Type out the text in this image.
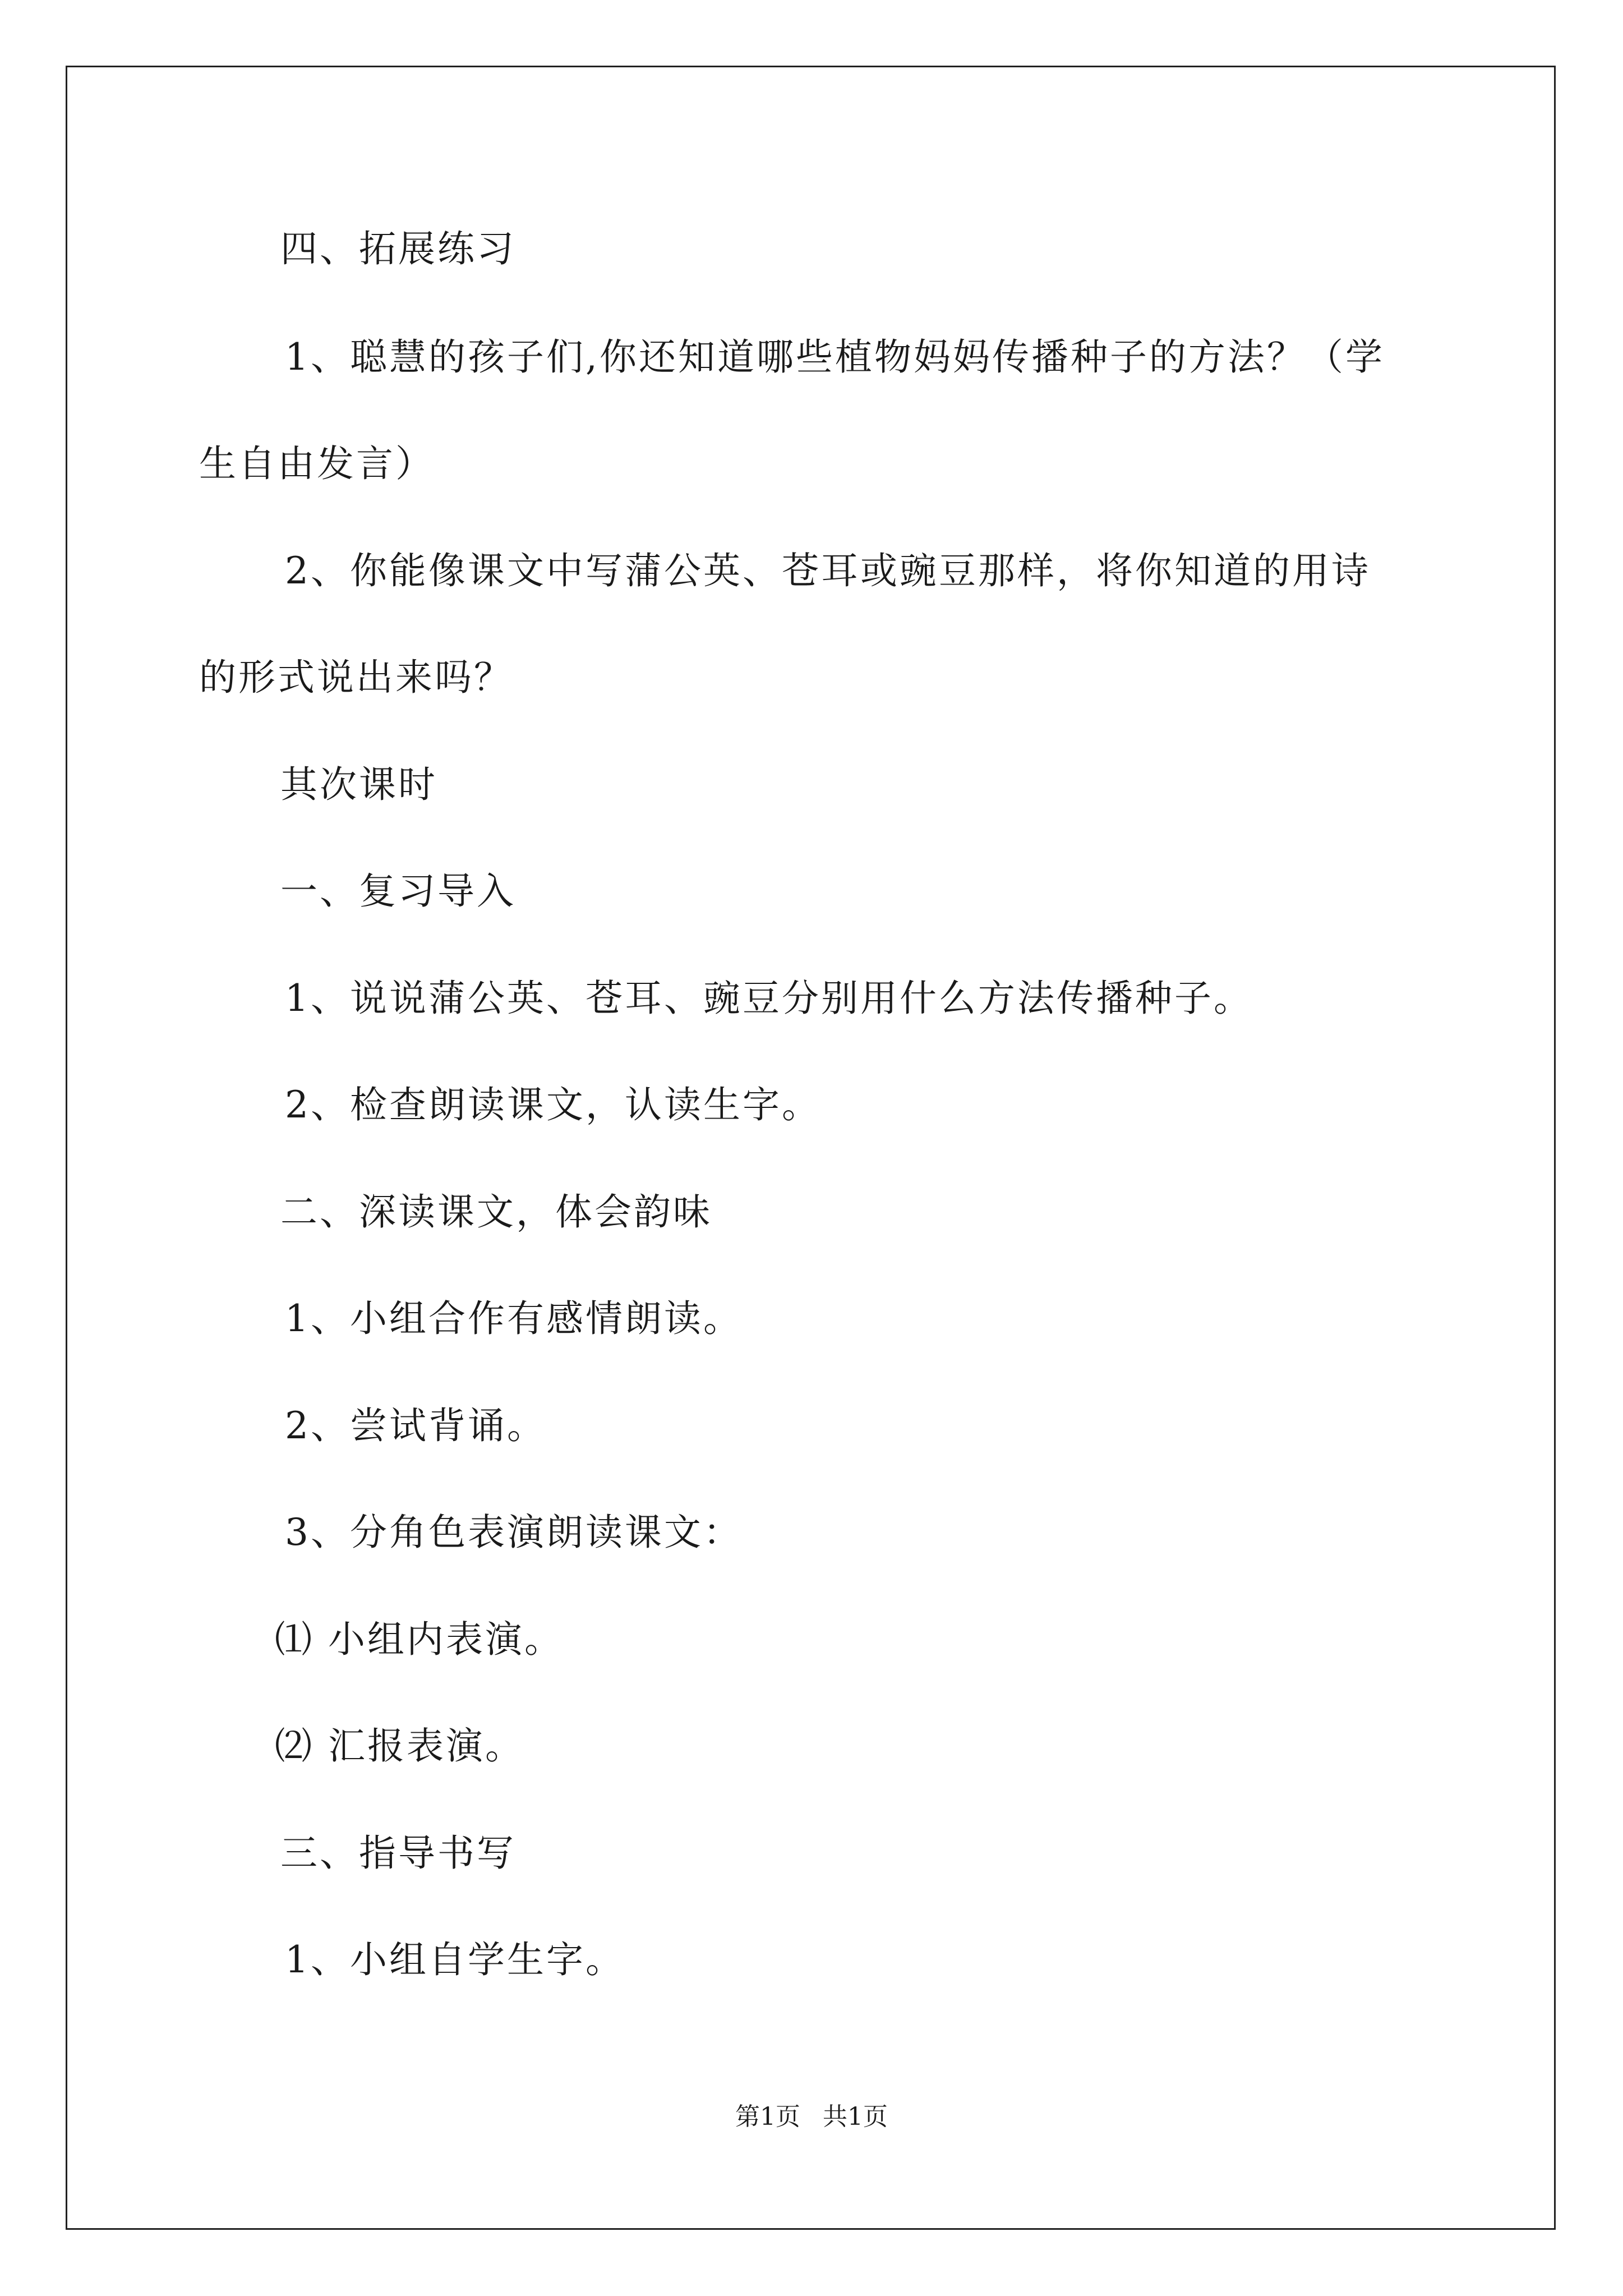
四、拓展练习
1、聪慧的孩子们,你还知道哪些植物妈妈传播种子的方法？（学
生自由发言）
2、你能像课文中写蒲公英、苍耳或豌豆那样，将你知道的用诗
的形式说出来吗？
其次课时
一、复习导入
1、说说蒲公英、苍耳、豌豆分别用什么方法传播种子。
2、检查朗读课文，认读生字。
二、深读课文，体会韵味
1、小组合作有感情朗读。
2、尝试背诵。
3、分角色表演朗读课文：
⑴ 小组内表演。
⑵ 汇报表演。
三、指导书写
1、小组自学生字。
第1页 共1页
